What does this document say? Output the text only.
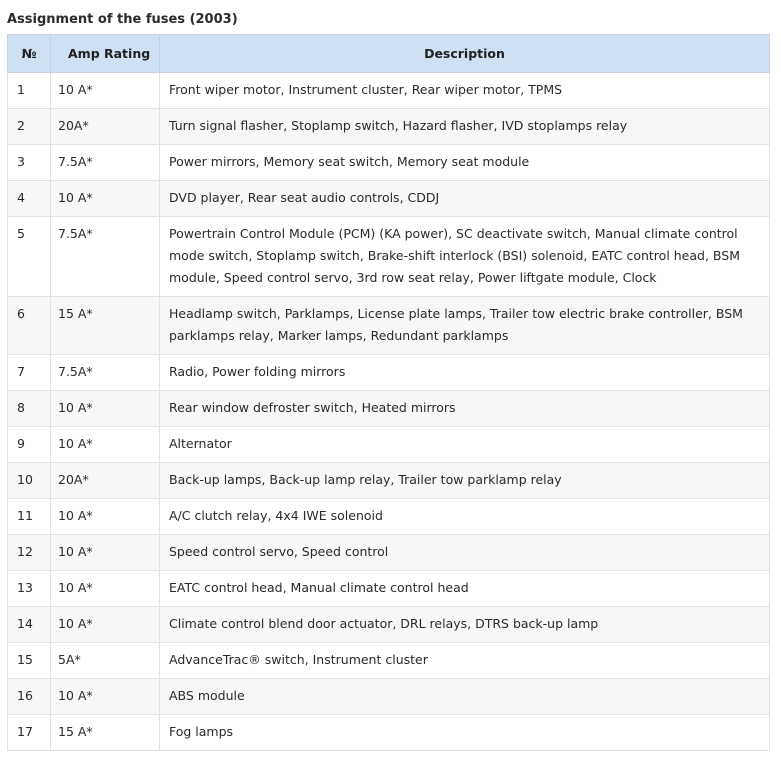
Assignment of the fuses (2003)
№	Amp Rating	Description
1	10 A*	Front wiper motor, Instrument cluster, Rear wiper motor, TPMS
2	20A*	Turn signal flasher, Stoplamp switch, Hazard flasher, IVD stoplamps relay
3	7.5A*	Power mirrors, Memory seat switch, Memory seat module
4	10 A*	DVD player, Rear seat audio controls, CDDJ
5	7.5A*	Powertrain Control Module (PCM) (KA power), SC deactivate switch, Manual climate control mode switch, Stoplamp switch, Brake-shift interlock (BSI) solenoid, EATC control head, BSM module, Speed control servo, 3rd row seat relay, Power liftgate module, Clock
6	15 A*	Headlamp switch, Parklamps, License plate lamps, Trailer tow electric brake controller, BSM parklamps relay, Marker lamps, Redundant parklamps
7	7.5A*	Radio, Power folding mirrors
8	10 A*	Rear window defroster switch, Heated mirrors
9	10 A*	Alternator
10	20A*	Back-up lamps, Back-up lamp relay, Trailer tow parklamp relay
11	10 A*	A/C clutch relay, 4x4 IWE solenoid
12	10 A*	Speed control servo, Speed control
13	10 A*	EATC control head, Manual climate control head
14	10 A*	Climate control blend door actuator, DRL relays, DTRS back-up lamp
15	5A*	AdvanceTrac® switch, Instrument cluster
16	10 A*	ABS module
17	15 A*	Fog lamps
